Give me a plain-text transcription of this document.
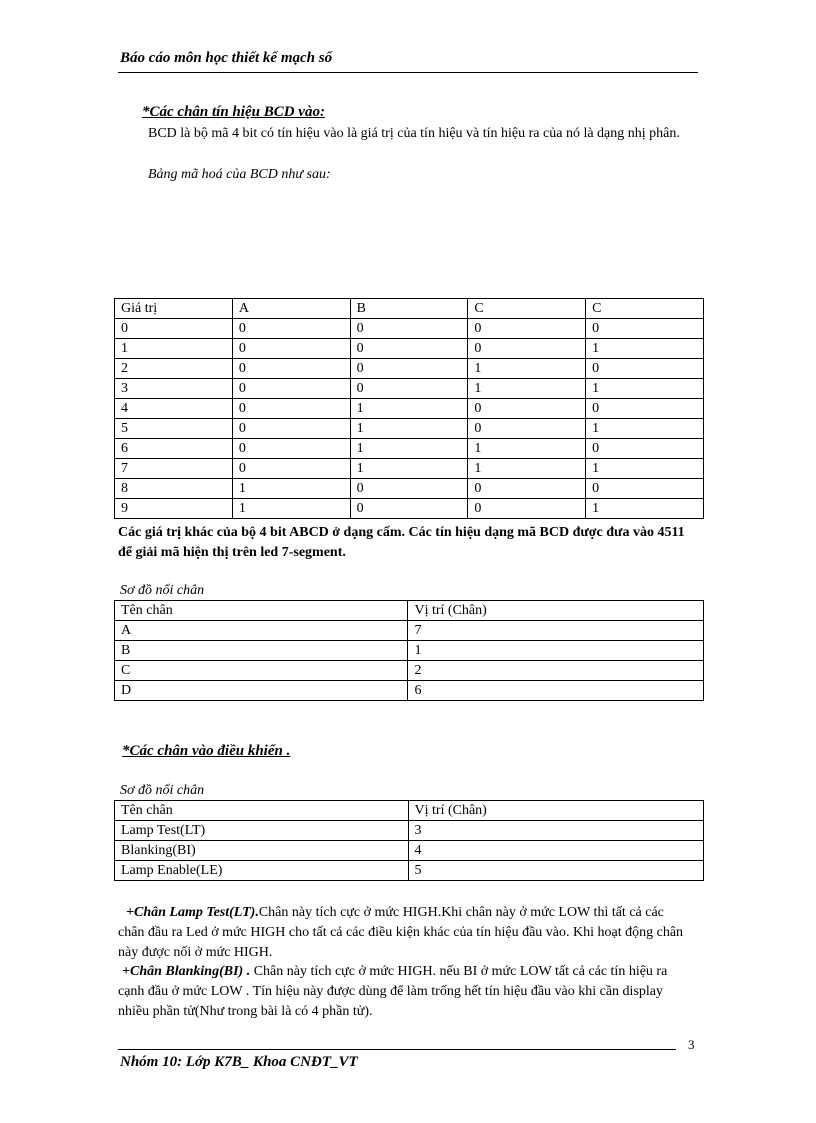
Báo cáo môn học thiết kế mạch số
*Các chân tín hiệu BCD vào:
BCD là bộ mã 4 bit có tín hiệu vào là giá trị của tín hiệu và tín hiệu ra của nó là dạng nhị phân.
Bảng mã hoá của BCD như sau:
Giá trị	A	B	C	C
0	0	0	0	0
1	0	0	0	1
2	0	0	1	0
3	0	0	1	1
4	0	1	0	0
5	0	1	0	1
6	0	1	1	0
7	0	1	1	1
8	1	0	0	0
9	1	0	0	1
Các giá trị khác của bộ 4 bit ABCD ở dạng cấm. Các tín hiệu dạng mã BCD được đưa vào 4511 để giải mã hiện thị trên led 7-segment.
Sơ đồ nối chân
Tên chân	Vị trí (Chân)
A	7
B	1
C	2
D	6
*Các chân vào điều khiển .
Sơ đồ nối chân
Tên chân	Vị trí (Chân)
Lamp Test(LT)	3
Blanking(BI)	4
Lamp Enable(LE)	5
+Chân Lamp Test(LT).Chân này tích cực ở mức HIGH.Khi chân này ở mức LOW thì tất cả các chân đầu ra Led ở mức HIGH cho tất cả các điều kiện khác của tín hiệu đầu vào. Khi hoạt động chân này được nối ở mức HIGH.
+Chân Blanking(BI) . Chân này tích cực ở mức HIGH. nếu BI ở mức LOW tất cả các tín hiệu ra cạnh đầu ở mức LOW . Tín hiệu này được dùng để làm trống hết tín hiệu đầu vào khi cần display nhiều phần tử(Như trong bài là có 4 phần tử).
3
Nhóm 10: Lớp K7B_ Khoa CNĐT_VT
